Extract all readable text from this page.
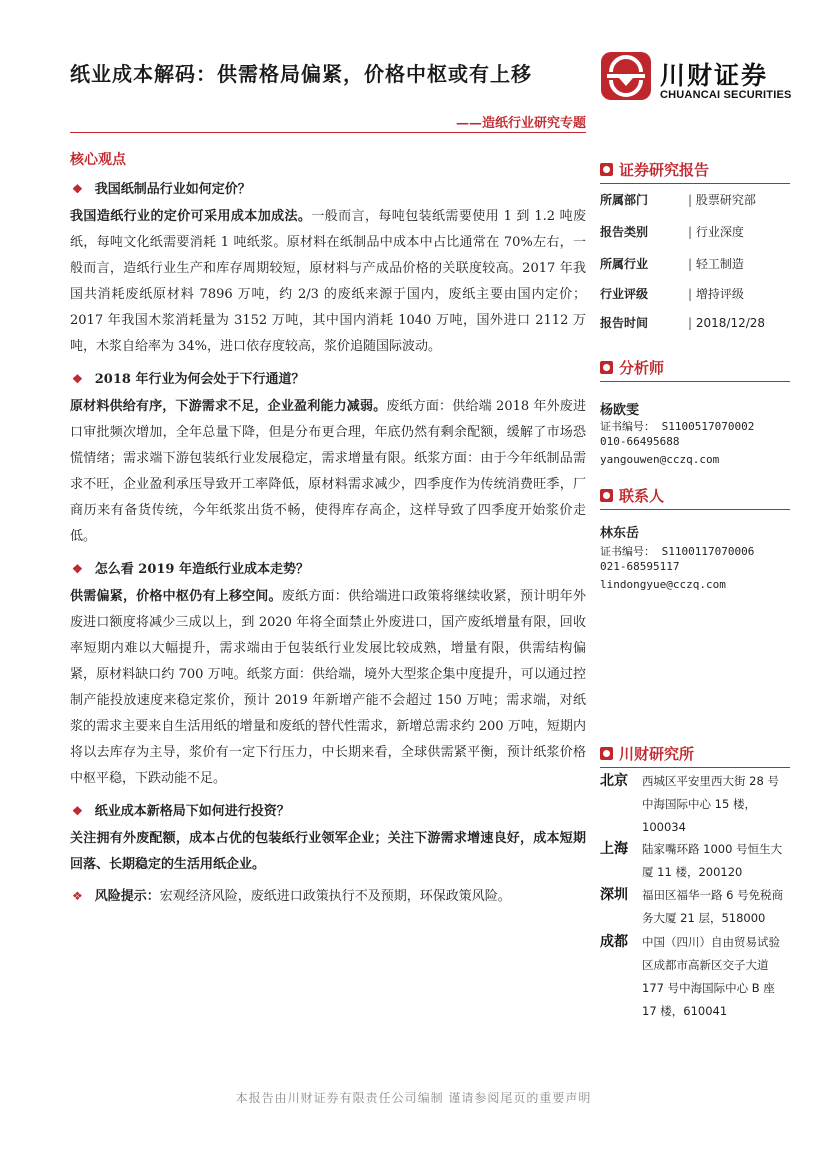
纸业成本解码：供需格局偏紧，价格中枢或有上移
——造纸行业研究专题
川财证券
CHUANCAI SECURITIES
核心观点
❖ 我国纸制品行业如何定价？

我国造纸行业的定价可采用成本加成法。一般而言，每吨包装纸需要使用 1 到 1.2 吨废纸，每吨文化纸需要消耗 1 吨纸浆。原材料在纸制品中成本中占比通常在 70%左右，一般而言，造纸行业生产和库存周期较短，原材料与产成品价格的关联度较高。2017 年我国共消耗废纸原材料 7896 万吨，约 2/3 的废纸来源于国内，废纸主要由国内定价；2017 年我国木浆消耗量为 3152 万吨，其中国内消耗 1040 万吨，国外进口 2112 万吨，木浆自给率为 34%，进口依存度较高，浆价追随国际波动。

❖ 2018 年行业为何会处于下行通道？

原材料供给有序，下游需求不足，企业盈利能力减弱。废纸方面：供给端 2018 年外废进口审批频次增加，全年总量下降，但是分布更合理，年底仍然有剩余配额，缓解了市场恐慌情绪；需求端下游包装纸行业发展稳定，需求增量有限。纸浆方面：由于今年纸制品需求不旺，企业盈利承压导致开工率降低，原材料需求减少，四季度作为传统消费旺季，厂商历来有备货传统，今年纸浆出货不畅，使得库存高企，这样导致了四季度开始浆价走低。

❖ 怎么看 2019 年造纸行业成本走势？

供需偏紧，价格中枢仍有上移空间。废纸方面：供给端进口政策将继续收紧，预计明年外废进口额度将减少三成以上，到 2020 年将全面禁止外废进口，国产废纸增量有限，回收率短期内难以大幅提升，需求端由于包装纸行业发展比较成熟，增量有限，供需结构偏紧，原材料缺口约 700 万吨。纸浆方面：供给端，境外大型浆企集中度提升，可以通过控制产能投放速度来稳定浆价，预计 2019 年新增产能不会超过 150 万吨；需求端，对纸浆的需求主要来自生活用纸的增量和废纸的替代性需求，新增总需求约 200 万吨，短期内将以去库存为主导，浆价有一定下行压力，中长期来看，全球供需紧平衡，预计纸浆价格中枢平稳，下跌动能不足。

❖ 纸业成本新格局下如何进行投资？

关注拥有外废配额，成本占优的包装纸行业领军企业；关注下游需求增速良好，成本短期回落、长期稳定的生活用纸企业。

❖ 风险提示：宏观经济风险，废纸进口政策执行不及预期，环保政策风险。
证券研究报告
所属部门	| 股票研究部
报告类别	| 行业深度
所属行业	| 轻工制造
行业评级	| 增持评级
报告时间	| 2018/12/28
分析师
杨欧雯
证书编号： S1100517070002
010-66495688
yangouwen@cczq.com
联系人
林东岳
证书编号： S1100117070006
021-68595117
lindongyue@cczq.com
川财研究所
北京 西城区平安里西大街 28 号中海国际中心 15 楼，100034
上海 陆家嘴环路 1000 号恒生大厦 11 楼，200120
深圳 福田区福华一路 6 号免税商务大厦 21 层，518000
成都 中国（四川）自由贸易试验区成都市高新区交子大道 177 号中海国际中心 B 座 17 楼，610041
本报告由川财证券有限责任公司编制 谨请参阅尾页的重要声明
